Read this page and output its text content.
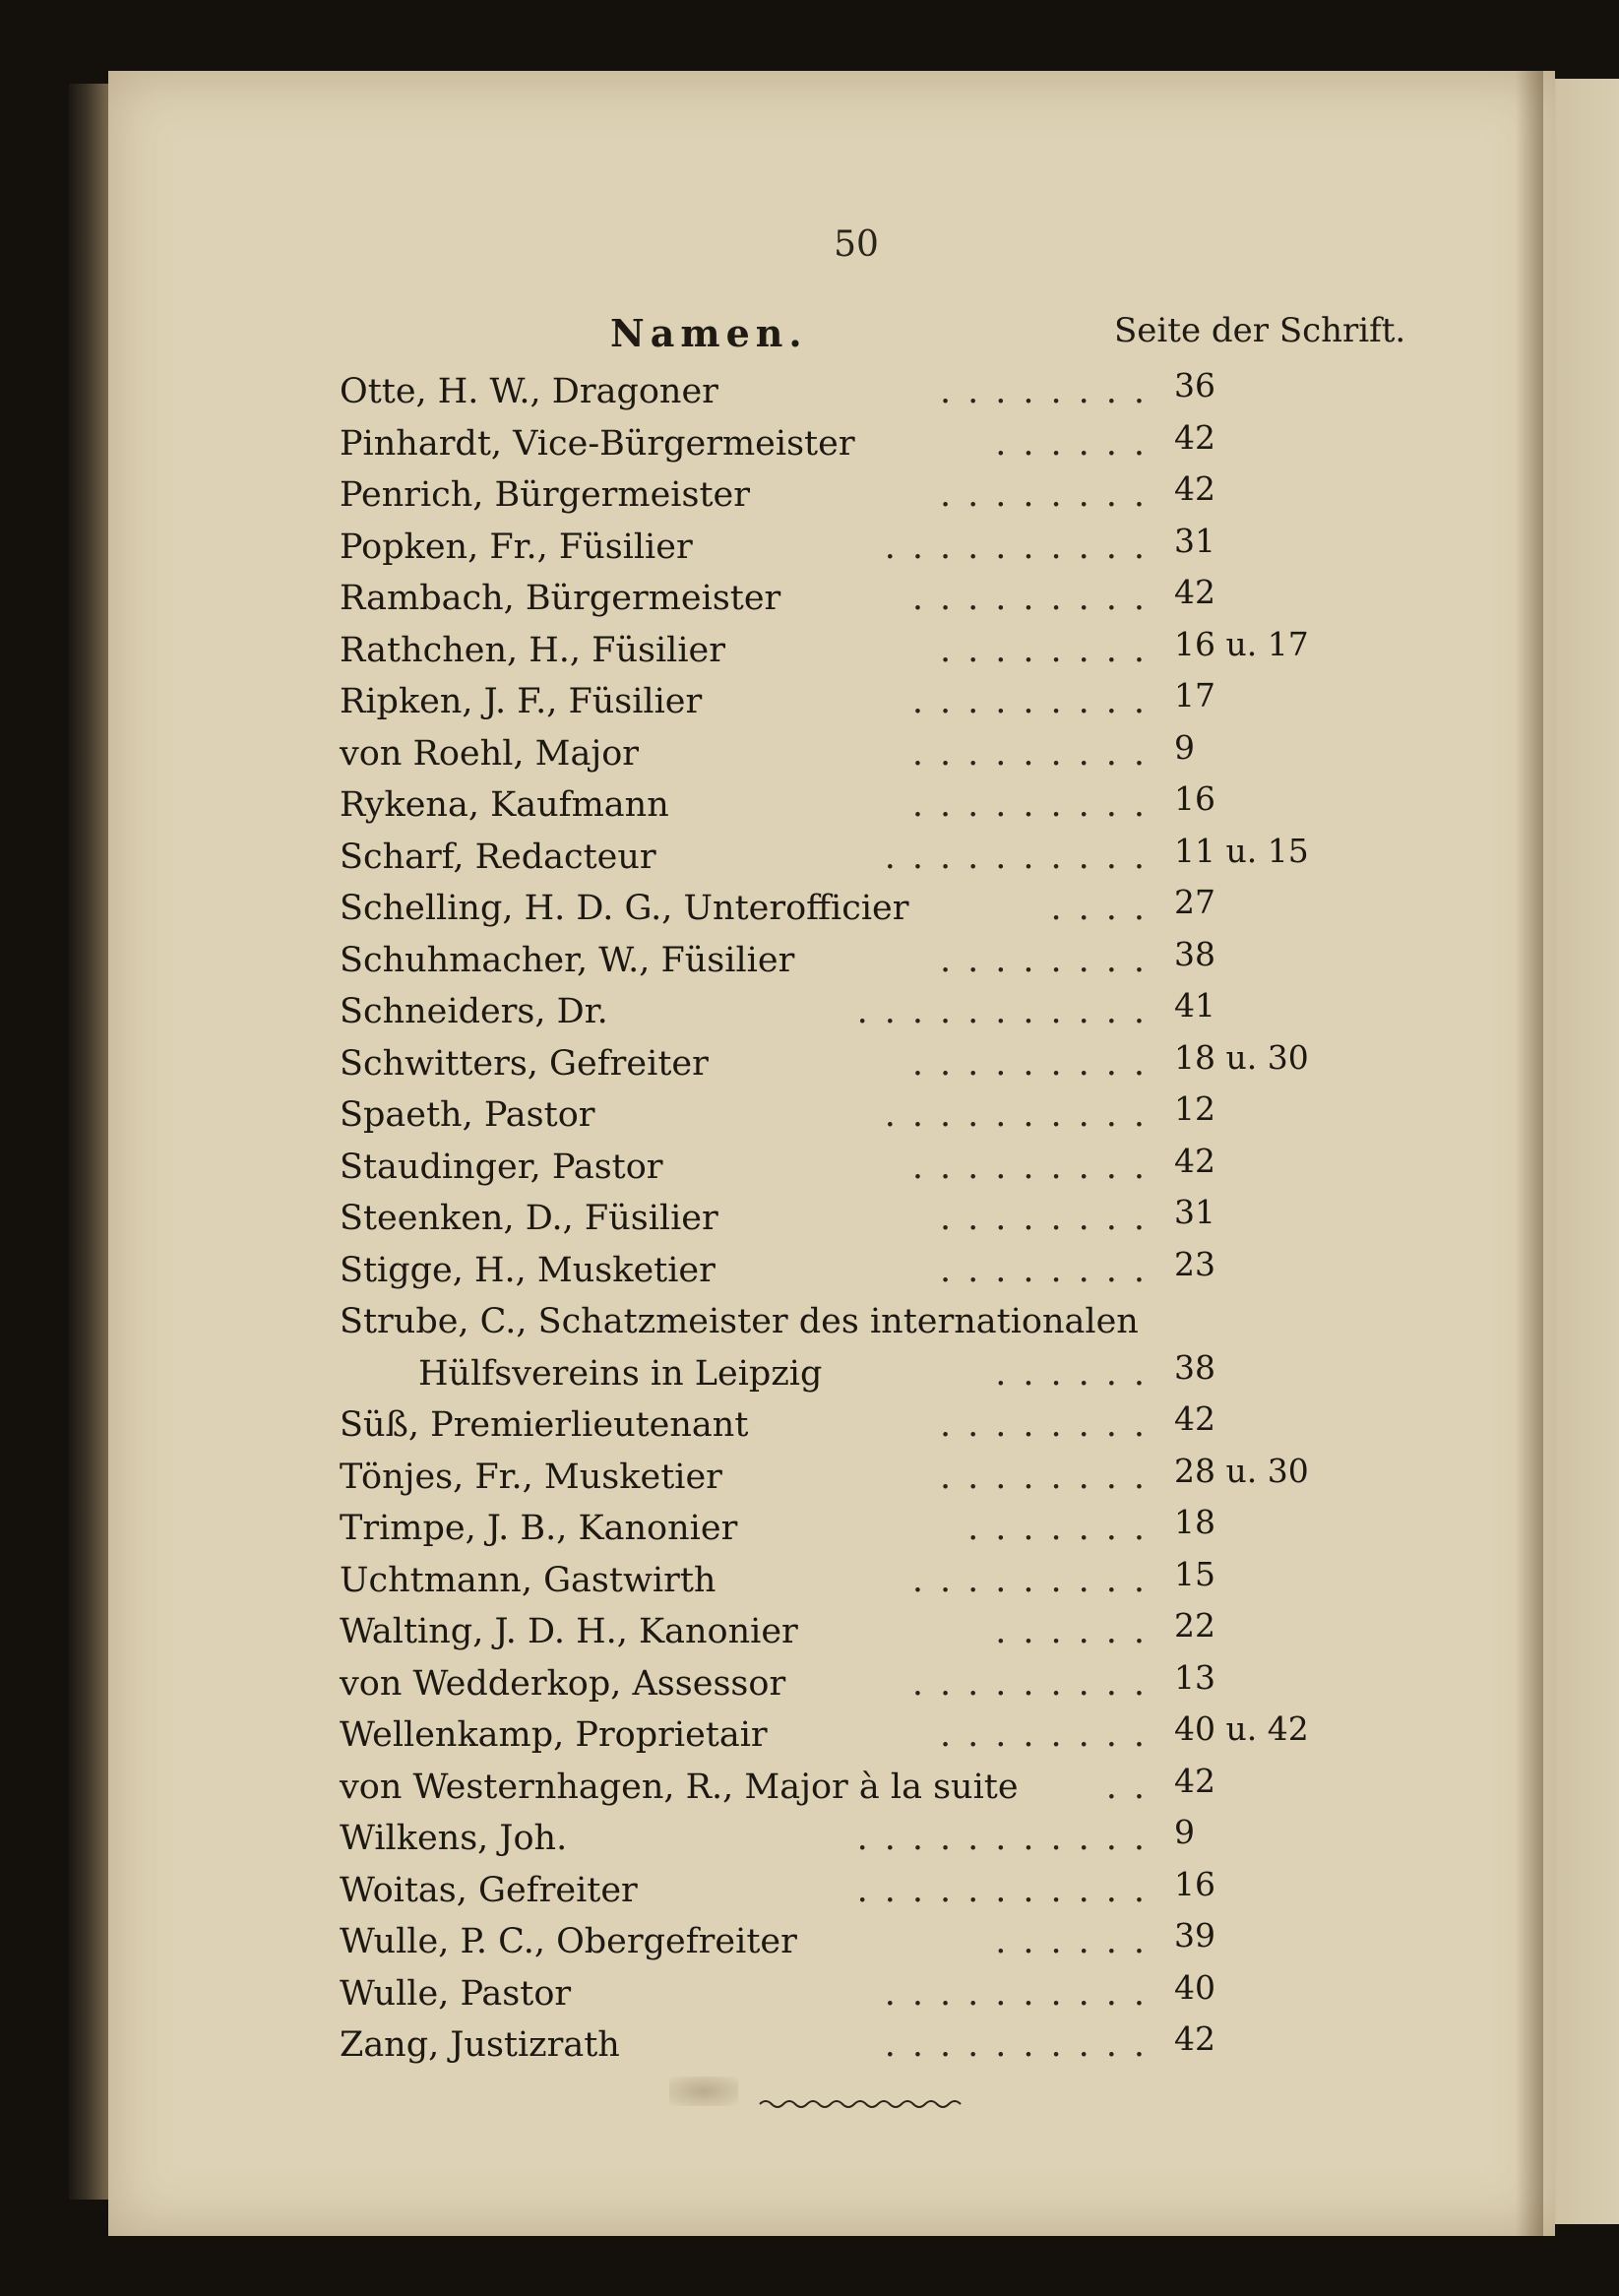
50
Namen.	Seite der Schrift.
Otte, H. W., Dragoner	........ 36
Pinhardt, Vice-Bürgermeister	...... 42
Penrich, Bürgermeister	........ 42
Popken, Fr., Füsilier	.......... 31
Rambach, Bürgermeister	......... 42
Rathchen, H., Füsilier	........ 16 u. 17
Ripken, J. F., Füsilier	......... 17
von Roehl, Major	......... 9
Rykena, Kaufmann	......... 16
Scharf, Redacteur	.......... 11 u. 15
Schelling, H. D. G., Unterofficier	.... 27
Schuhmacher, W., Füsilier	........ 38
Schneiders, Dr.	........... 41
Schwitters, Gefreiter	......... 18 u. 30
Spaeth, Pastor	.......... 12
Staudinger, Pastor	......... 42
Steenken, D., Füsilier	........ 31
Stigge, H., Musketier	........ 23
Strube, C., Schatzmeister des internationalen
Hülfsvereins in Leipzig	...... 38
Süß, Premierlieutenant	........ 42
Tönjes, Fr., Musketier	........ 28 u. 30
Trimpe, J. B., Kanonier	....... 18
Uchtmann, Gastwirth	......... 15
Walting, J. D. H., Kanonier	...... 22
von Wedderkop, Assessor	......... 13
Wellenkamp, Proprietair	........ 40 u. 42
von Westernhagen, R., Major à la suite	.. 42
Wilkens, Joh.	........... 9
Woitas, Gefreiter	........... 16
Wulle, P. C., Obergefreiter	...... 39
Wulle, Pastor	.......... 40
Zang, Justizrath	.......... 42
